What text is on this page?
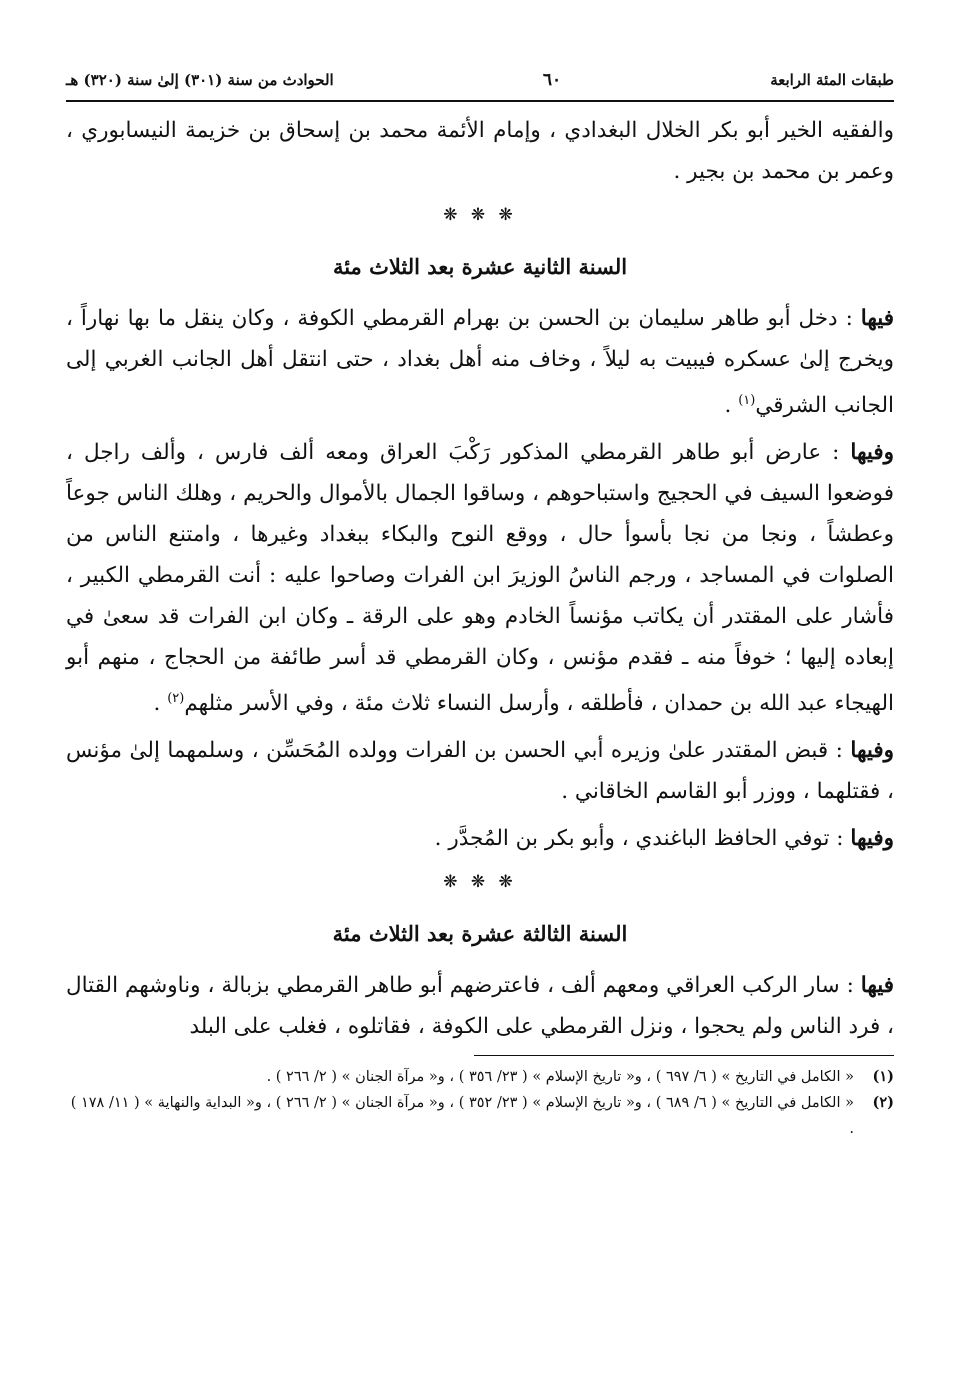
طبقات المئة الرابعة
٦٠
الحوادث من سنة (٣٠١) إلىٰ سنة (٣٢٠) هـ

والفقيه الخير أبو بكر الخلال البغدادي ، وإمام الأئمة محمد بن إسحاق بن خزيمة النيسابوري ، وعمر بن محمد بن بجير .

❋ ❋ ❋
السنة الثانية عشرة بعد الثلاث مئة

فيها : دخل أبو طاهر سليمان بن الحسن بن بهرام القرمطي الكوفة ، وكان ينقل ما بها نهاراً ، ويخرج إلىٰ عسكره فيبيت به ليلاً ، وخاف منه أهل بغداد ، حتى انتقل أهل الجانب الغربي إلى الجانب الشرقي$^{(١)}$ .

وفيها : عارض أبو طاهر القرمطي المذكور رَكْبَ العراق ومعه ألف فارس ، وألف راجل ، فوضعوا السيف في الحجيج واستباحوهم ، وساقوا الجمال بالأموال والحريم ، وهلك الناس جوعاً وعطشاً ، ونجا من نجا بأسوأ حال ، ووقع النوح والبكاء ببغداد وغيرها ، وامتنع الناس من الصلوات في المساجد ، ورجم الناسُ الوزيرَ ابن الفرات وصاحوا عليه : أنت القرمطي الكبير ، فأشار على المقتدر أن يكاتب مؤنساً الخادم وهو على الرقة ـ وكان ابن الفرات قد سعىٰ في إبعاده إليها ؛ خوفاً منه ـ فقدم مؤنس ، وكان القرمطي قد أسر طائفة من الحجاج ، منهم أبو الهيجاء عبد الله بن حمدان ، فأطلقه ، وأرسل النساء ثلاث مئة ، وفي الأسر مثلهم$^{(٢)}$ .

وفيها : قبض المقتدر علىٰ وزيره أبي الحسن بن الفرات وولده المُحَسِّن ، وسلمهما إلىٰ مؤنس ، فقتلهما ، ووزر أبو القاسم الخاقاني .

وفيها : توفي الحافظ الباغندي ، وأبو بكر بن المُجدَّر .

❋ ❋ ❋
السنة الثالثة عشرة بعد الثلاث مئة

فيها : سار الركب العراقي ومعهم ألف ، فاعترضهم أبو طاهر القرمطي بزبالة ، وناوشهم القتال ، فرد الناس ولم يحجوا ، ونزل القرمطي على الكوفة ، فقاتلوه ، فغلب على البلد

(١)
« الكامل في التاريخ » ( ٦/ ٦٩٧ ) ، و« تاريخ الإسلام » ( ٢٣/ ٣٥٦ ) ، و« مرآة الجنان » ( ٢/ ٢٦٦ ) .
(٢)
« الكامل في التاريخ » ( ٦/ ٦٨٩ ) ، و« تاريخ الإسلام » ( ٢٣/ ٣٥٢ ) ، و« مرآة الجنان » ( ٢/ ٢٦٦ ) ، و« البداية والنهاية » ( ١١/ ١٧٨ ) .
